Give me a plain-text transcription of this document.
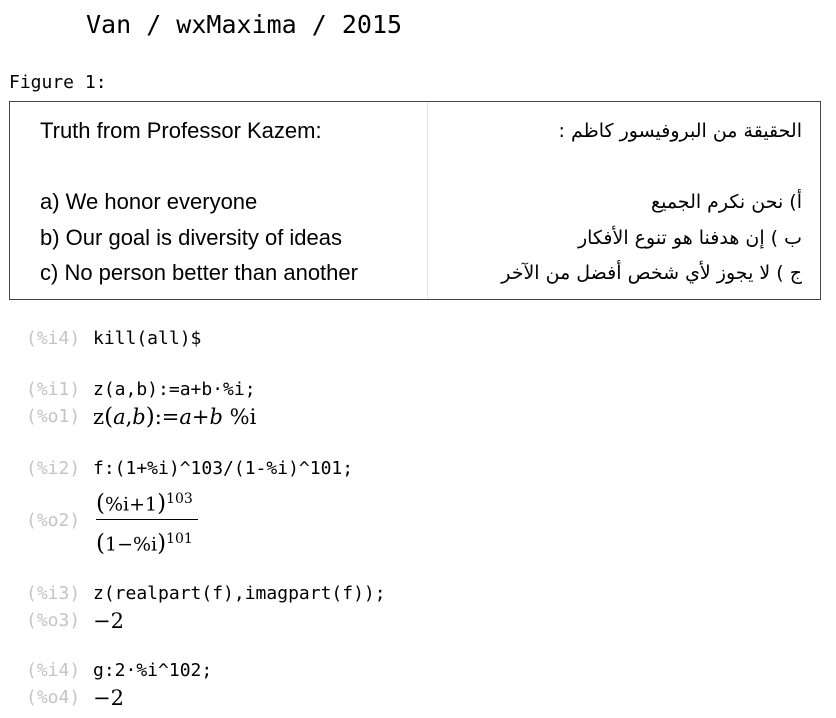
Van / wxMaxima / 2015
Figure 1:
Truth from Professor Kazem:
a) We honor everyone
b) Our goal is diversity of ideas
c) No person better than another
الحقيقة من البروفيسور كاظم :
أ) نحن نكرم الجميع
ب ) إن هدفنا هو تنوع الأفكار
ج ) لا يجوز لأي شخص أفضل من الآخر
(%i4) kill(all)$
(%i1) z(a,b):=a+b·%i;
(%o1) z(a,b):=a+b %i
(%i2) f:(1+%i)^103/(1-%i)^101;
(%o2)
$(\%i+1)^{103}$
$(1-\%i)^{101}$
(%i3) z(realpart(f),imagpart(f));
(%o3) −2
(%i4) g:2·%i^102;
(%o4) −2
